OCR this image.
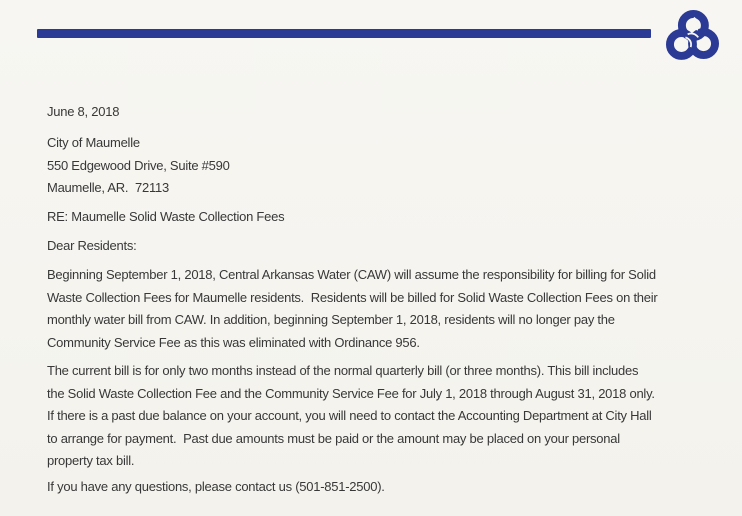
June 8, 2018
City of Maumelle
550 Edgewood Drive, Suite #590
Maumelle, AR.  72113
RE: Maumelle Solid Waste Collection Fees
Dear Residents:
Beginning September 1, 2018, Central Arkansas Water (CAW) will assume the responsibility for billing for Solid
Waste Collection Fees for Maumelle residents.  Residents will be billed for Solid Waste Collection Fees on their
monthly water bill from CAW. In addition, beginning September 1, 2018, residents will no longer pay the
Community Service Fee as this was eliminated with Ordinance 956.
The current bill is for only two months instead of the normal quarterly bill (or three months). This bill includes
the Solid Waste Collection Fee and the Community Service Fee for July 1, 2018 through August 31, 2018 only.
If there is a past due balance on your account, you will need to contact the Accounting Department at City Hall
to arrange for payment.  Past due amounts must be paid or the amount may be placed on your personal
property tax bill.
If you have any questions, please contact us (501-851-2500).
